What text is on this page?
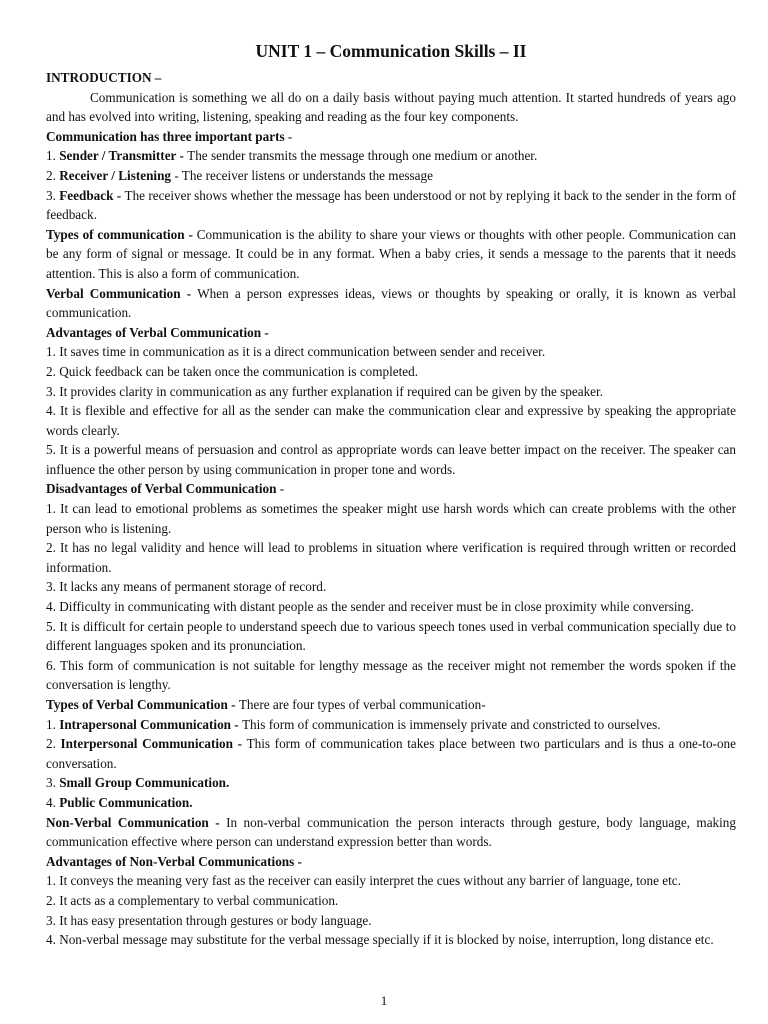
UNIT 1 – Communication Skills – II

INTRODUCTION –

Communication is something we all do on a daily basis without paying much attention. It started hundreds of years ago and has evolved into writing, listening, speaking and reading as the four key components.

Communication has three important parts -

1. Sender / Transmitter - The sender transmits the message through one medium or another.

2. Receiver / Listening - The receiver listens or understands the message

3. Feedback - The receiver shows whether the message has been understood or not by replying it back to the sender in the form of feedback.

Types of communication - Communication is the ability to share your views or thoughts with other people. Communication can be any form of signal or message. It could be in any format. When a baby cries, it sends a message to the parents that it needs attention. This is also a form of communication.

Verbal Communication - When a person expresses ideas, views or thoughts by speaking or orally, it is known as verbal communication.

Advantages of Verbal Communication -

1. It saves time in communication as it is a direct communication between sender and receiver.

2. Quick feedback can be taken once the communication is completed.

3. It provides clarity in communication as any further explanation if required can be given by the speaker.

4. It is flexible and effective for all as the sender can make the communication clear and expressive by speaking the appropriate words clearly.

5. It is a powerful means of persuasion and control as appropriate words can leave better impact on the receiver. The speaker can influence the other person by using communication in proper tone and words.

Disadvantages of Verbal Communication -

1. It can lead to emotional problems as sometimes the speaker might use harsh words which can create problems with the other person who is listening.

2. It has no legal validity and hence will lead to problems in situation where verification is required through written or recorded information.

3. It lacks any means of permanent storage of record.

4. Difficulty in communicating with distant people as the sender and receiver must be in close proximity while conversing.

5. It is difficult for certain people to understand speech due to various speech tones used in verbal communication specially due to different languages spoken and its pronunciation.

6. This form of communication is not suitable for lengthy message as the receiver might not remember the words spoken if the conversation is lengthy.

Types of Verbal Communication - There are four types of verbal communication-

1. Intrapersonal Communication - This form of communication is immensely private and constricted to ourselves.

2. Interpersonal Communication - This form of communication takes place between two particulars and is thus a one-to-one conversation.

3. Small Group Communication.

4. Public Communication.

Non-Verbal Communication - In non-verbal communication the person interacts through gesture, body language, making communication effective where person can understand expression better than words.

Advantages of Non-Verbal Communications -

1. It conveys the meaning very fast as the receiver can easily interpret the cues without any barrier of language, tone etc.

2. It acts as a complementary to verbal communication.

3. It has easy presentation through gestures or body language.

4. Non-verbal message may substitute for the verbal message specially if it is blocked by noise, interruption, long distance etc.

1
